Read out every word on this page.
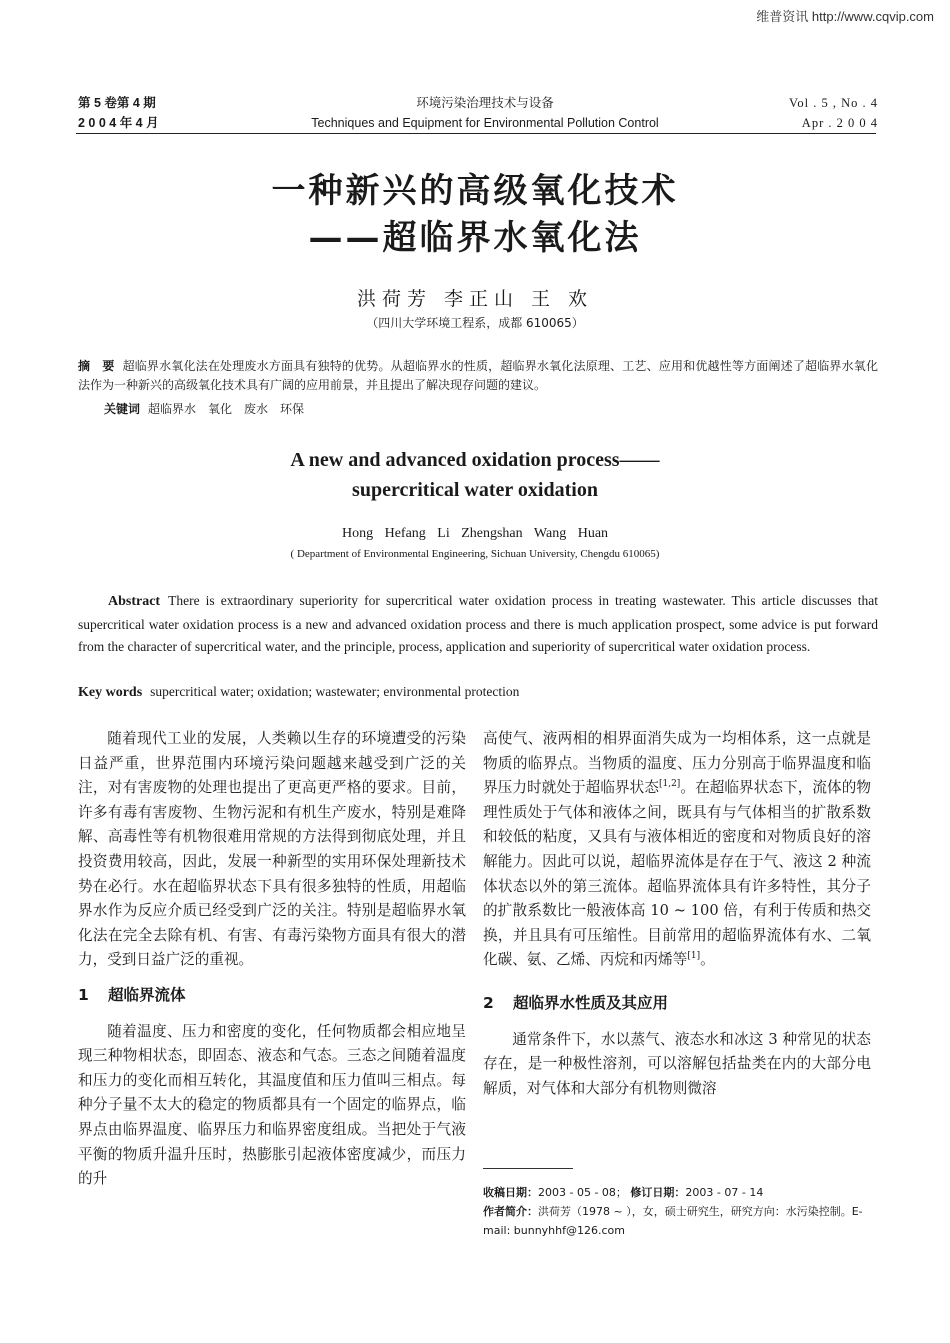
维普资讯 http://www.cqvip.com
第 5 卷第 4 期
2 0 0 4 年 4 月
环境污染治理技术与设备
Techniques and Equipment for Environmental Pollution Control
Vol . 5 , No . 4
Apr . 2 0 0 4
一种新兴的高级氧化技术
——超临界水氧化法
洪荷芳 李正山 王 欢
（四川大学环境工程系，成都 610065）
摘　要 超临界水氧化法在处理废水方面具有独特的优势。从超临界水的性质，超临界水氧化法原理、工艺、应用和优越性等方面阐述了超临界水氧化法作为一种新兴的高级氧化技术具有广阔的应用前景，并且提出了解决现存问题的建议。
关键词 超临界水　氧化　废水　环保
A new and advanced oxidation process——
supercritical water oxidation
Hong Hefang Li Zhengshan Wang Huan
( Department of Environmental Engineering, Sichuan University, Chengdu 610065)
Abstract There is extraordinary superiority for supercritical water oxidation process in treating wastewater. This article discusses that supercritical water oxidation process is a new and advanced oxidation process and there is much application prospect, some advice is put forward from the character of supercritical water, and the principle, process, application and superiority of supercritical water oxidation process.
Key words supercritical water; oxidation; wastewater; environmental protection

随着现代工业的发展，人类赖以生存的环境遭受的污染日益严重，世界范围内环境污染问题越来越受到广泛的关注，对有害废物的处理也提出了更高更严格的要求。目前，许多有毒有害废物、生物污泥和有机生产废水，特别是难降解、高毒性等有机物很难用常规的方法得到彻底处理，并且投资费用较高，因此，发展一种新型的实用环保处理新技术势在必行。水在超临界状态下具有很多独特的性质，用超临界水作为反应介质已经受到广泛的关注。特别是超临界水氧化法在完全去除有机、有害、有毒污染物方面具有很大的潜力，受到日益广泛的重视。

1 超临界流体

随着温度、压力和密度的变化，任何物质都会相应地呈现三种物相状态，即固态、液态和气态。三态之间随着温度和压力的变化而相互转化，其温度值和压力值叫三相点。每种分子量不太大的稳定的物质都具有一个固定的临界点，临界点由临界温度、临界压力和临界密度组成。当把处于气液平衡的物质升温升压时，热膨胀引起液体密度减少，而压力的升

高使气、液两相的相界面消失成为一均相体系，这一点就是物质的临界点。当物质的温度、压力分别高于临界温度和临界压力时就处于超临界状态[1,2]。在超临界状态下，流体的物理性质处于气体和液体之间，既具有与气体相当的扩散系数和较低的粘度，又具有与液体相近的密度和对物质良好的溶解能力。因此可以说，超临界流体是存在于气、液这 2 种流体状态以外的第三流体。超临界流体具有许多特性，其分子的扩散系数比一般液体高 10 ~ 100 倍，有利于传质和热交换，并且具有可压缩性。目前常用的超临界流体有水、二氧化碳、氨、乙烯、丙烷和丙烯等[1]。

2 超临界水性质及其应用

通常条件下，水以蒸气、液态水和冰这 3 种常见的状态存在，是一种极性溶剂，可以溶解包括盐类在内的大部分电解质，对气体和大部分有机物则微溶

收稿日期：2003 - 05 - 08； 修订日期：2003 - 07 - 14
作者简介：洪荷芳（1978 ~ ），女，硕士研究生，研究方向：水污染控制。E-mail: bunnyhhf@126.com
